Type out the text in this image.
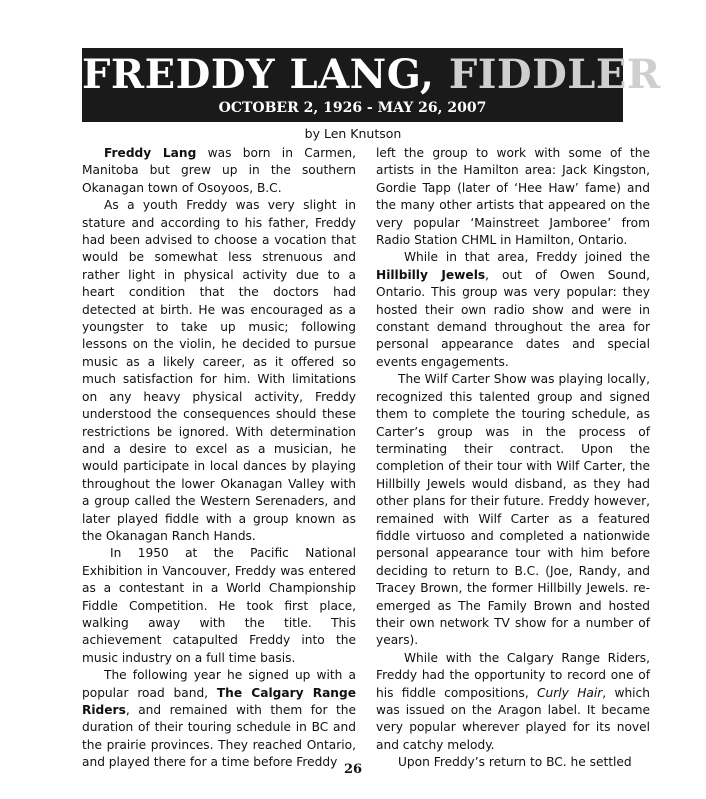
FREDDY LANG, FIDDLER
OCTOBER 2, 1926 - MAY 26, 2007
by Len Knutson

Freddy Lang was born in Carmen, Manitoba but grew up in the southern Okanagan town of Osoyoos, B.C.

As a youth Freddy was very slight in stature and according to his father, Freddy had been advised to choose a vocation that would be somewhat less strenuous and rather light in physical activity due to a heart condition that the doctors had detected at birth. He was encouraged as a youngster to take up music; following lessons on the violin, he decided to pursue music as a likely career, as it offered so much satisfaction for him. With limitations on any heavy physical activity, Freddy understood the consequences should these restrictions be ignored. With determination and a desire to excel as a musician, he would participate in local dances by playing throughout the lower Okanagan Valley with a group called the Western Serenaders, and later played fiddle with a group known as the Okanagan Ranch Hands.

In 1950 at the Pacific National Exhibition in Vancouver, Freddy was entered as a contestant in a World Championship Fiddle Competition. He took first place, walking away with the title. This achievement catapulted Freddy into the music industry on a full time basis.

The following year he signed up with a popular road band, The Calgary Range Riders, and remained with them for the duration of their touring schedule in BC and the prairie provinces. They reached Ontario, and played there for a time before Freddy

left the group to work with some of the artists in the Hamilton area: Jack Kingston, Gordie Tapp (later of ‘Hee Haw’ fame) and the many other artists that appeared on the very popular ‘Mainstreet Jamboree’ from Radio Station CHML in Hamilton, Ontario.

While in that area, Freddy joined the Hillbilly Jewels, out of Owen Sound, Ontario. This group was very popular: they hosted their own radio show and were in constant demand throughout the area for personal appearance dates and special events engagements.

The Wilf Carter Show was playing locally, recognized this talented group and signed them to complete the touring schedule, as Carter’s group was in the process of terminating their contract. Upon the completion of their tour with Wilf Carter, the Hillbilly Jewels would disband, as they had other plans for their future. Freddy however, remained with Wilf Carter as a featured fiddle virtuoso and completed a nationwide personal appearance tour with him before deciding to return to B.C. (Joe, Randy, and Tracey Brown, the former Hillbilly Jewels. re-emerged as The Family Brown and hosted their own network TV show for a number of years).

While with the Calgary Range Riders, Freddy had the opportunity to record one of his fiddle compositions, Curly Hair, which was issued on the Aragon label. It became very popular wherever played for its novel and catchy melody.

Upon Freddy’s return to BC. he settled

26
